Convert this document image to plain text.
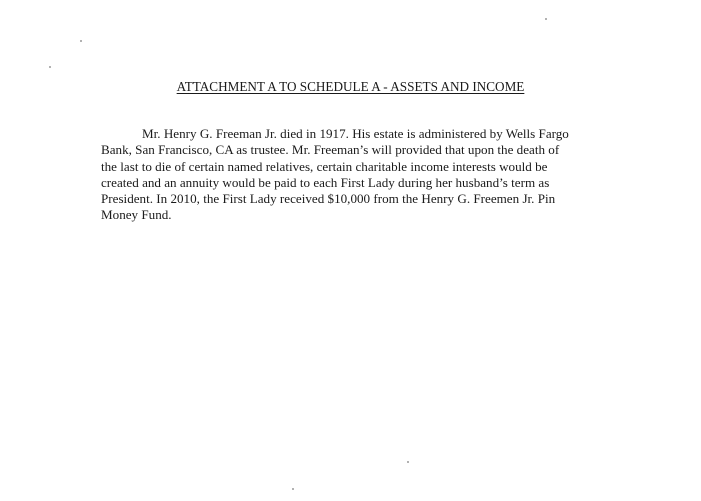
ATTACHMENT A TO SCHEDULE A - ASSETS AND INCOME

Mr. Henry G. Freeman Jr. died in 1917. His estate is administered by Wells Fargo
Bank, San Francisco, CA as trustee. Mr. Freeman’s will provided that upon the death of
the last to die of certain named relatives, certain charitable income interests would be
created and an annuity would be paid to each First Lady during her husband’s term as
President. In 2010, the First Lady received $10,000 from the Henry G. Freemen Jr. Pin
Money Fund.
